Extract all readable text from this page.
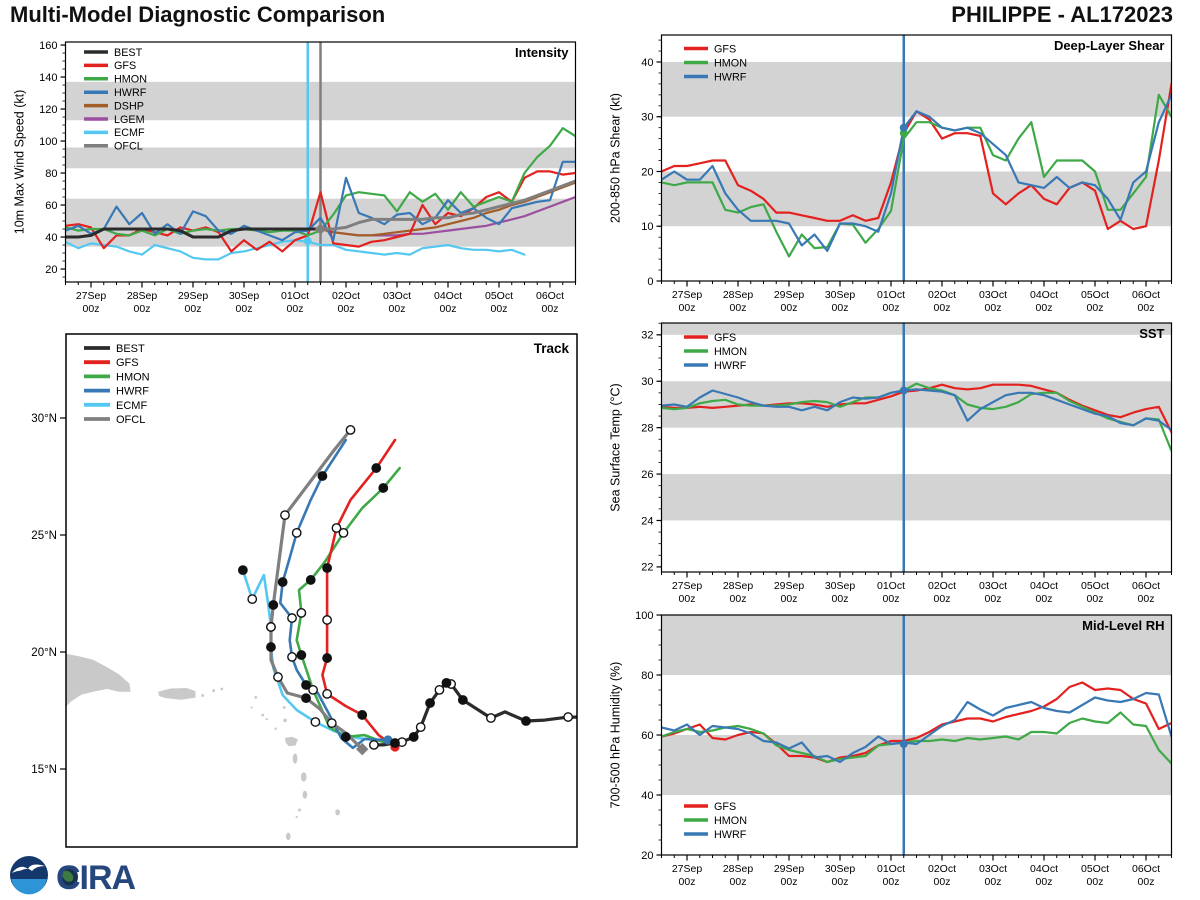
Multi-Model Diagnostic Comparison	PHILIPPE - AL172023
27Sep
00z
28Sep
00z
29Sep
00z
30Sep
00z
01Oct
00z
02Oct
00z
03Oct
00z
04Oct
00z
05Oct
00z
06Oct
00z
20
40
60
80
100
120
140
160
10m Max Wind Speed (kt)
Intensity
BEST
GFS
HMON
HWRF
DSHP
LGEM
ECMF
OFCL
27Sep
00z
28Sep
00z
29Sep
00z
30Sep
00z
01Oct
00z
02Oct
00z
03Oct
00z
04Oct
00z
05Oct
00z
06Oct
00z
0
10
20
30
40
200-850 hPa Shear (kt)
Deep-Layer Shear
GFS
HMON
HWRF
27Sep
00z
28Sep
00z
29Sep
00z
30Sep
00z
01Oct
00z
02Oct
00z
03Oct
00z
04Oct
00z
05Oct
00z
06Oct
00z
22
24
26
28
30
32
Sea Surface Temp (°C)
SST
GFS
HMON
HWRF
27Sep
00z
28Sep
00z
29Sep
00z
30Sep
00z
01Oct
00z
02Oct
00z
03Oct
00z
04Oct
00z
05Oct
00z
06Oct
00z
20
40
60
80
100
700-500 hPa Humidity (%)
Mid-Level RH
GFS
HMON
HWRF
15°N
20°N
25°N
30°N
Track
BEST
GFS
HMON
HWRF
ECMF
OFCL
CIRA
